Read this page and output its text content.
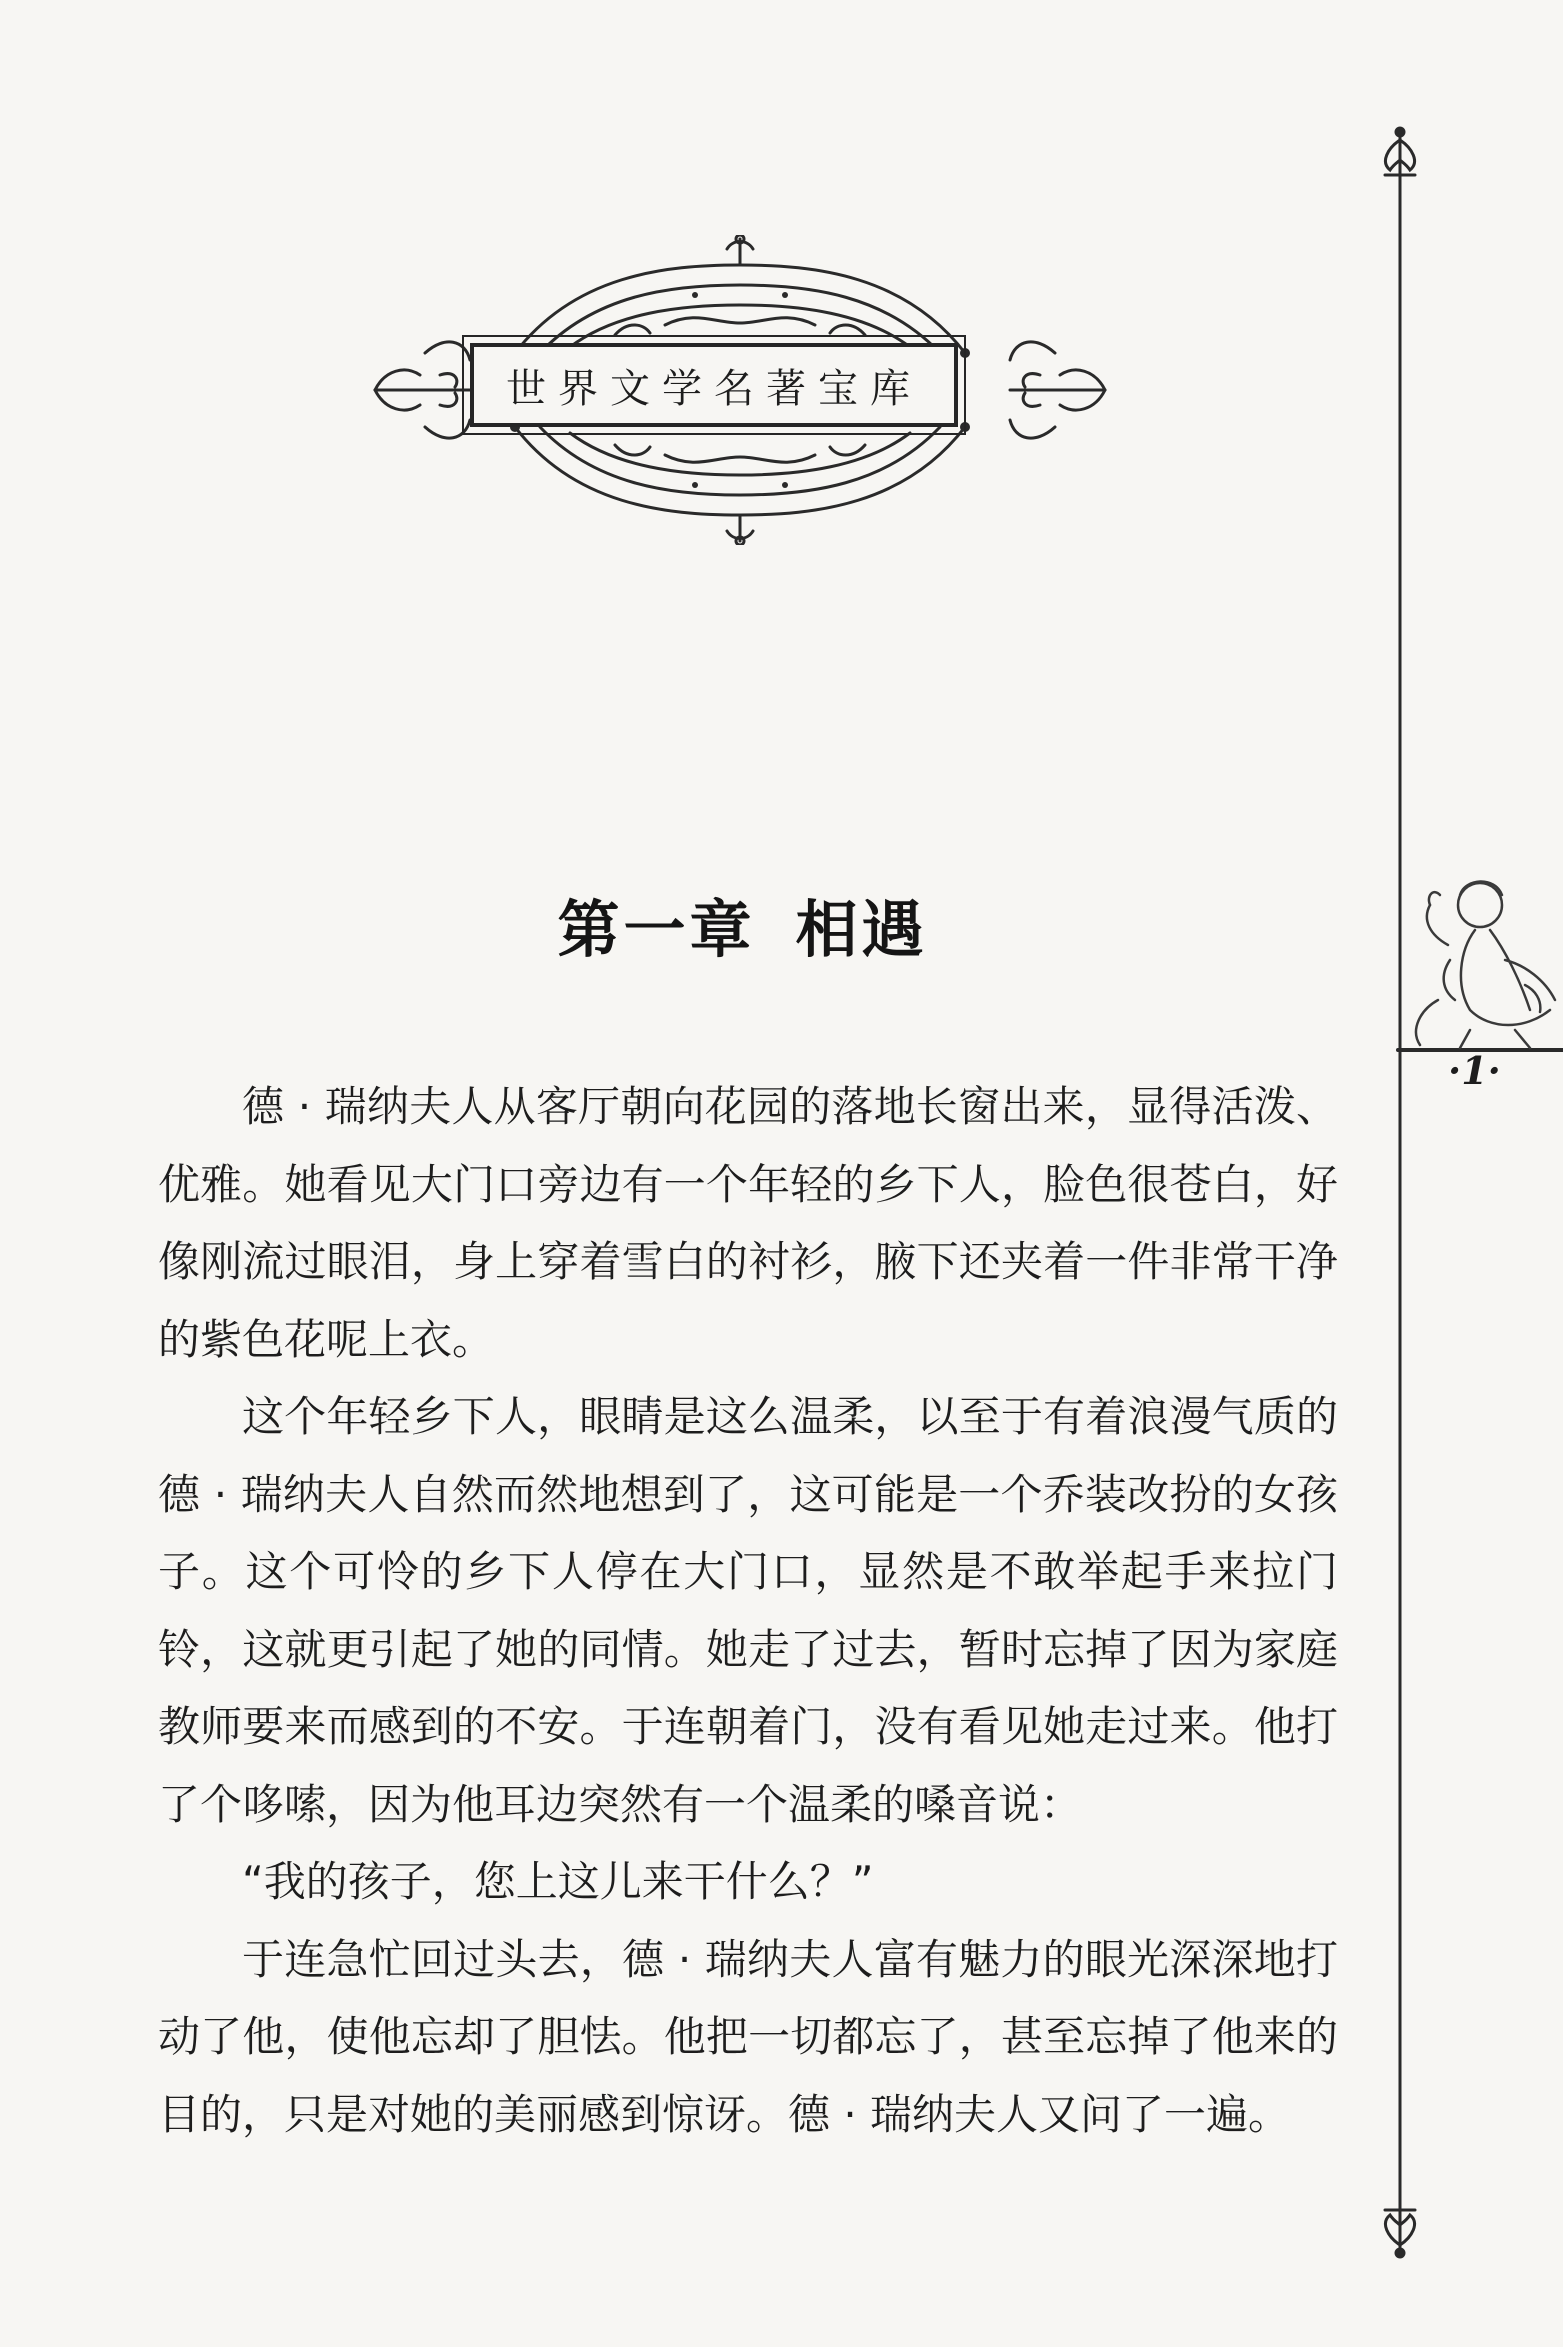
世界文学名著宝库
·1·
第一章 相遇

德 · 瑞纳夫人从客厅朝向花园的落地长窗出来，显得活泼、优雅。她看见大门口旁边有一个年轻的乡下人，脸色很苍白，好像刚流过眼泪，身上穿着雪白的衬衫，腋下还夹着一件非常干净的紫色花呢上衣。

这个年轻乡下人，眼睛是这么温柔，以至于有着浪漫气质的德 · 瑞纳夫人自然而然地想到了，这可能是一个乔装改扮的女孩子。这个可怜的乡下人停在大门口，显然是不敢举起手来拉门铃，这就更引起了她的同情。她走了过去，暂时忘掉了因为家庭教师要来而感到的不安。于连朝着门，没有看见她走过来。他打了个哆嗦，因为他耳边突然有一个温柔的嗓音说：

“我的孩子，您上这儿来干什么？”

于连急忙回过头去，德 · 瑞纳夫人富有魅力的眼光深深地打动了他，使他忘却了胆怯。他把一切都忘了，甚至忘掉了他来的目的，只是对她的美丽感到惊讶。德 · 瑞纳夫人又问了一遍。
